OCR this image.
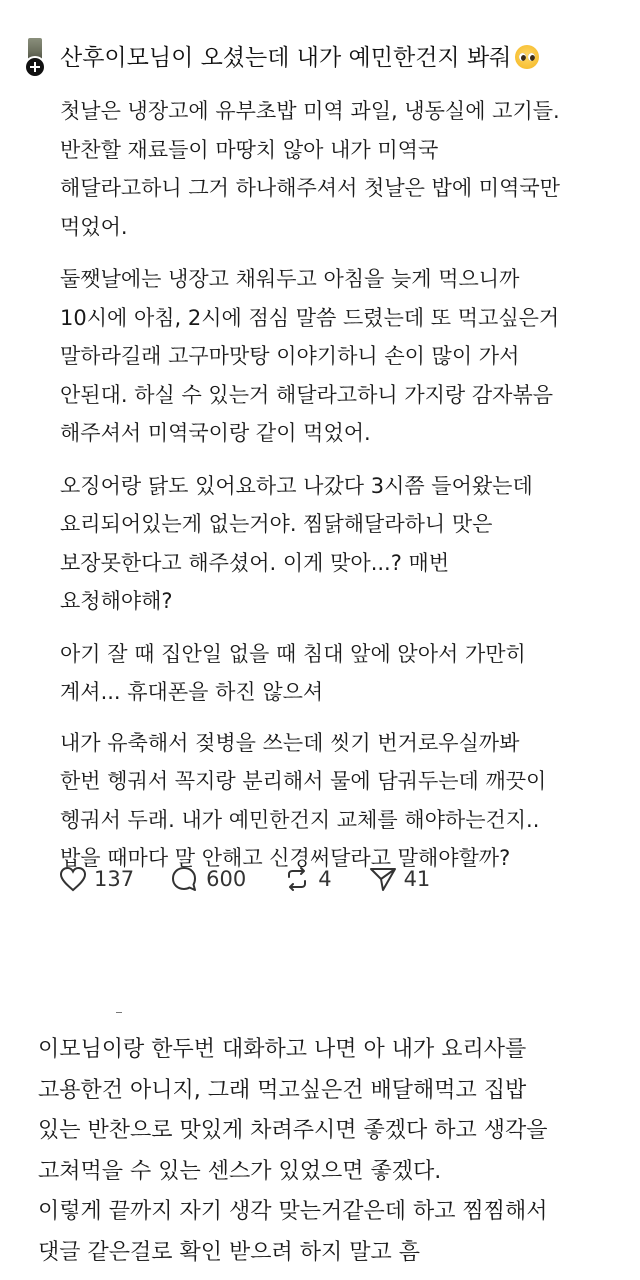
산후이모님이 오셨는데 내가 예민한건지 봐줘
첫날은 냉장고에 유부초밥 미역 과일, 냉동실에 고기들.
반찬할 재료들이 마땅치 않아 내가 미역국
해달라고하니 그거 하나해주셔서 첫날은 밥에 미역국만
먹었어.
둘쨋날에는 냉장고 채워두고 아침을 늦게 먹으니까
10시에 아침, 2시에 점심 말씀 드렸는데 또 먹고싶은거
말하라길래 고구마맛탕 이야기하니 손이 많이 가서
안된대. 하실 수 있는거 해달라고하니 가지랑 감자볶음
해주셔서 미역국이랑 같이 먹었어.
오징어랑 닭도 있어요하고 나갔다 3시쯤 들어왔는데
요리되어있는게 없는거야. 찜닭해달라하니 맛은
보장못한다고 해주셨어. 이게 맞아...? 매번
요청해야해?
아기 잘 때 집안일 없을 때 침대 앞에 앉아서 가만히
계셔... 휴대폰을 하진 않으셔
내가 유축해서 젖병을 쓰는데 씻기 번거로우실까봐
한번 헹궈서 꼭지랑 분리해서 물에 담궈두는데 깨끗이
헹궈서 두래. 내가 예민한건지 교체를 해야하는건지..
밥을 때마다 말 안해고 신경써달라고 말해야할까?
137	600	4	41
이모님이랑 한두번 대화하고 나면 아 내가 요리사를
고용한건 아니지, 그래 먹고싶은건 배달해먹고 집밥
있는 반찬으로 맛있게 차려주시면 좋겠다 하고 생각을
고쳐먹을 수 있는 센스가 있었으면 좋겠다.
이렇게 끝까지 자기 생각 맞는거같은데 하고 찜찜해서
댓글 같은걸로 확인 받으려 하지 말고 흠
